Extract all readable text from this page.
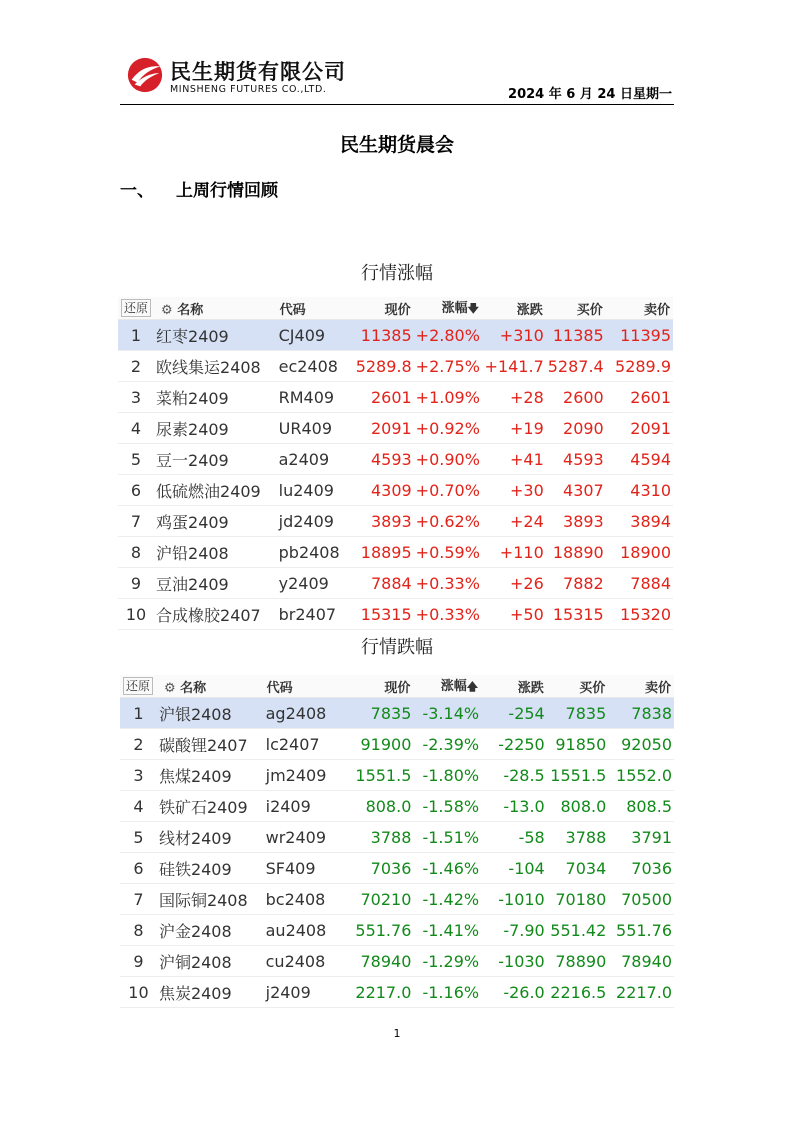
民生期货有限公司
MINSHENG FUTURES CO.,LTD.	2024 年 6 月 24 日星期一
民生期货晨会
一、 上周行情回顾
行情涨幅
还原	⚙ 名称	代码	现价	涨幅🡇	涨跌	买价	卖价
1	红枣2409	CJ409	11385	+2.80%	+310	11385	11395
2	欧线集运2408	ec2408	5289.8	+2.75%	+141.7	5287.4	5289.9
3	菜粕2409	RM409	2601	+1.09%	+28	2600	2601
4	尿素2409	UR409	2091	+0.92%	+19	2090	2091
5	豆一2409	a2409	4593	+0.90%	+41	4593	4594
6	低硫燃油2409	lu2409	4309	+0.70%	+30	4307	4310
7	鸡蛋2409	jd2409	3893	+0.62%	+24	3893	3894
8	沪铅2408	pb2408	18895	+0.59%	+110	18890	18900
9	豆油2409	y2409	7884	+0.33%	+26	7882	7884
10	合成橡胶2407	br2407	15315	+0.33%	+50	15315	15320
行情跌幅
还原	⚙ 名称	代码	现价	涨幅🡅	涨跌	买价	卖价
1	沪银2408	ag2408	7835	-3.14%	-254	7835	7838
2	碳酸锂2407	lc2407	91900	-2.39%	-2250	91850	92050
3	焦煤2409	jm2409	1551.5	-1.80%	-28.5	1551.5	1552.0
4	铁矿石2409	i2409	808.0	-1.58%	-13.0	808.0	808.5
5	线材2409	wr2409	3788	-1.51%	-58	3788	3791
6	硅铁2409	SF409	7036	-1.46%	-104	7034	7036
7	国际铜2408	bc2408	70210	-1.42%	-1010	70180	70500
8	沪金2408	au2408	551.76	-1.41%	-7.90	551.42	551.76
9	沪铜2408	cu2408	78940	-1.29%	-1030	78890	78940
10	焦炭2409	j2409	2217.0	-1.16%	-26.0	2216.5	2217.0
1
